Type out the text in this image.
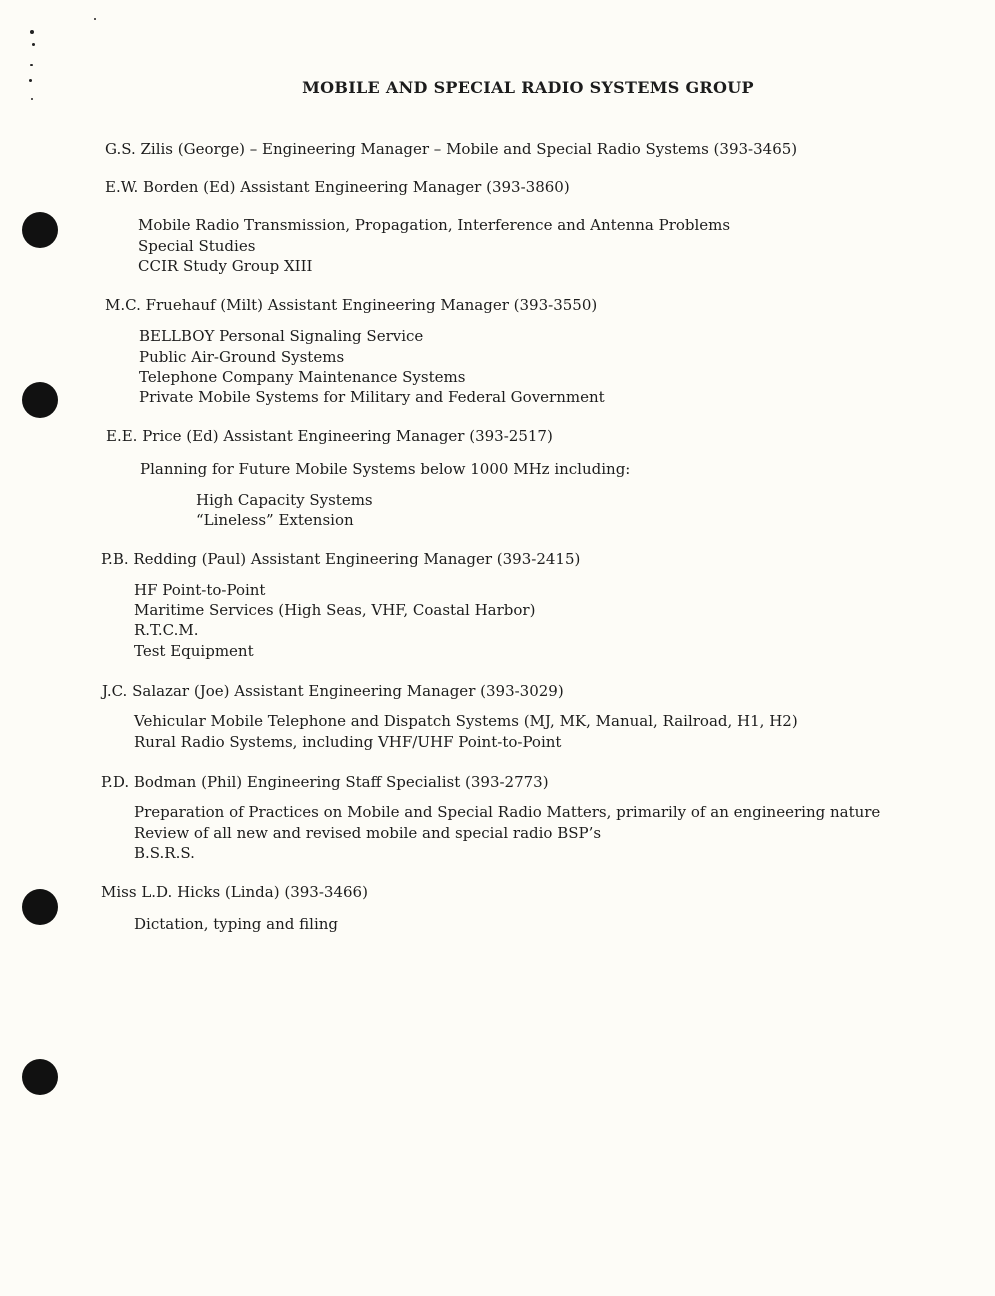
MOBILE AND SPECIAL RADIO SYSTEMS GROUP
G.S. Zilis (George) – Engineering Manager – Mobile and Special Radio Systems (393-3465)
E.W. Borden (Ed) Assistant Engineering Manager (393-3860)
Mobile Radio Transmission, Propagation, Interference and Antenna Problems
Special Studies
CCIR Study Group XIII
M.C. Fruehauf (Milt) Assistant Engineering Manager (393-3550)
BELLBOY Personal Signaling Service
Public Air-Ground Systems
Telephone Company Maintenance Systems
Private Mobile Systems for Military and Federal Government
E.E. Price (Ed) Assistant Engineering Manager (393-2517)
Planning for Future Mobile Systems below 1000 MHz including:
High Capacity Systems
“Lineless” Extension
P.B. Redding (Paul) Assistant Engineering Manager (393-2415)
HF Point-to-Point
Maritime Services (High Seas, VHF, Coastal Harbor)
R.T.C.M.
Test Equipment
J.C. Salazar (Joe) Assistant Engineering Manager (393-3029)
Vehicular Mobile Telephone and Dispatch Systems (MJ, MK, Manual, Railroad, H1, H2)
Rural Radio Systems, including VHF/UHF Point-to-Point
P.D. Bodman (Phil) Engineering Staff Specialist (393-2773)
Preparation of Practices on Mobile and Special Radio Matters, primarily of an engineering nature
Review of all new and revised mobile and special radio BSP’s
B.S.R.S.
Miss L.D. Hicks (Linda) (393-3466)
Dictation, typing and filing
